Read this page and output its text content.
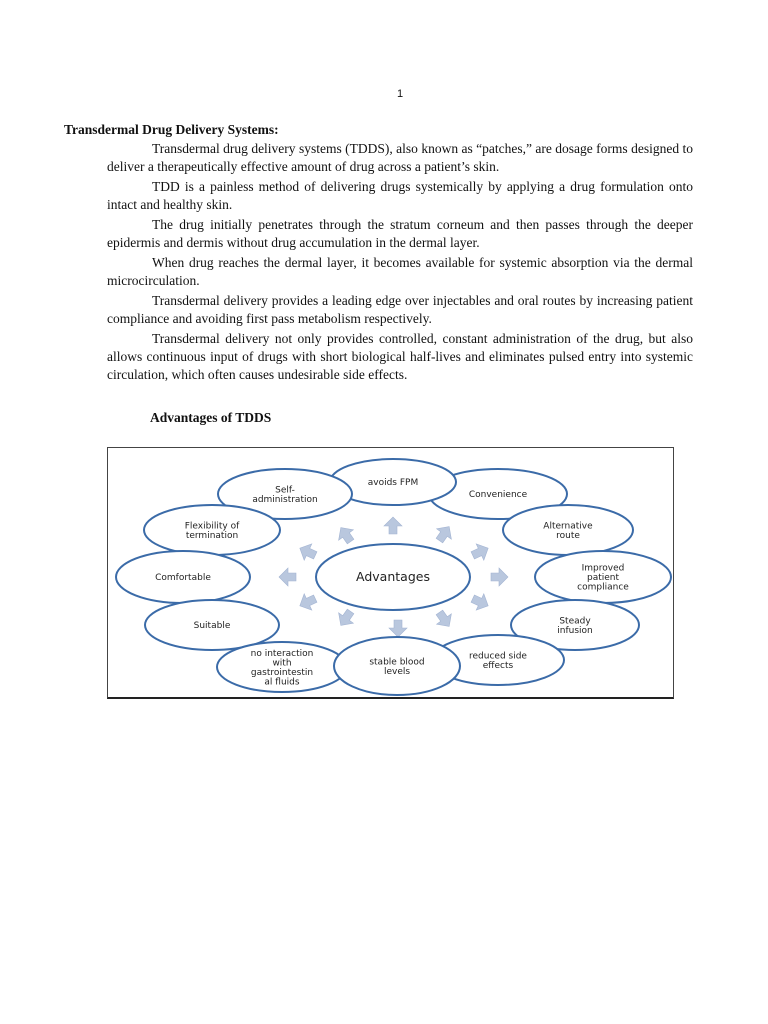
1
Transdermal Drug Delivery Systems:

Transdermal drug delivery systems (TDDS), also known as “patches,” are dosage forms designed to deliver a therapeutically effective amount of drug across a patient’s skin.

TDD is a painless method of delivering drugs systemically by applying a drug formulation onto intact and healthy skin.

The drug initially penetrates through the stratum corneum and then passes through the deeper epidermis and dermis without drug accumulation in the dermal layer.

When drug reaches the dermal layer, it becomes available for systemic absorption via the dermal microcirculation.

Transdermal delivery provides a leading edge over injectables and oral routes by increasing patient compliance and avoiding first pass metabolism respectively.

Transdermal delivery not only provides controlled, constant administration of the drug, but also allows continuous input of drugs with short biological half-lives and eliminates pulsed entry into systemic circulation, which often causes undesirable side effects.

Advantages of TDDS
Advantages
Convenience
avoids FPM
Self-
administration
Alternative
route
Flexibility of
termination
Improved
patient
compliance
Comfortable
Steady
infusion
Suitable
reduced side
effects
no interaction
with
gastrointestin
al fluids
stable blood
levels
